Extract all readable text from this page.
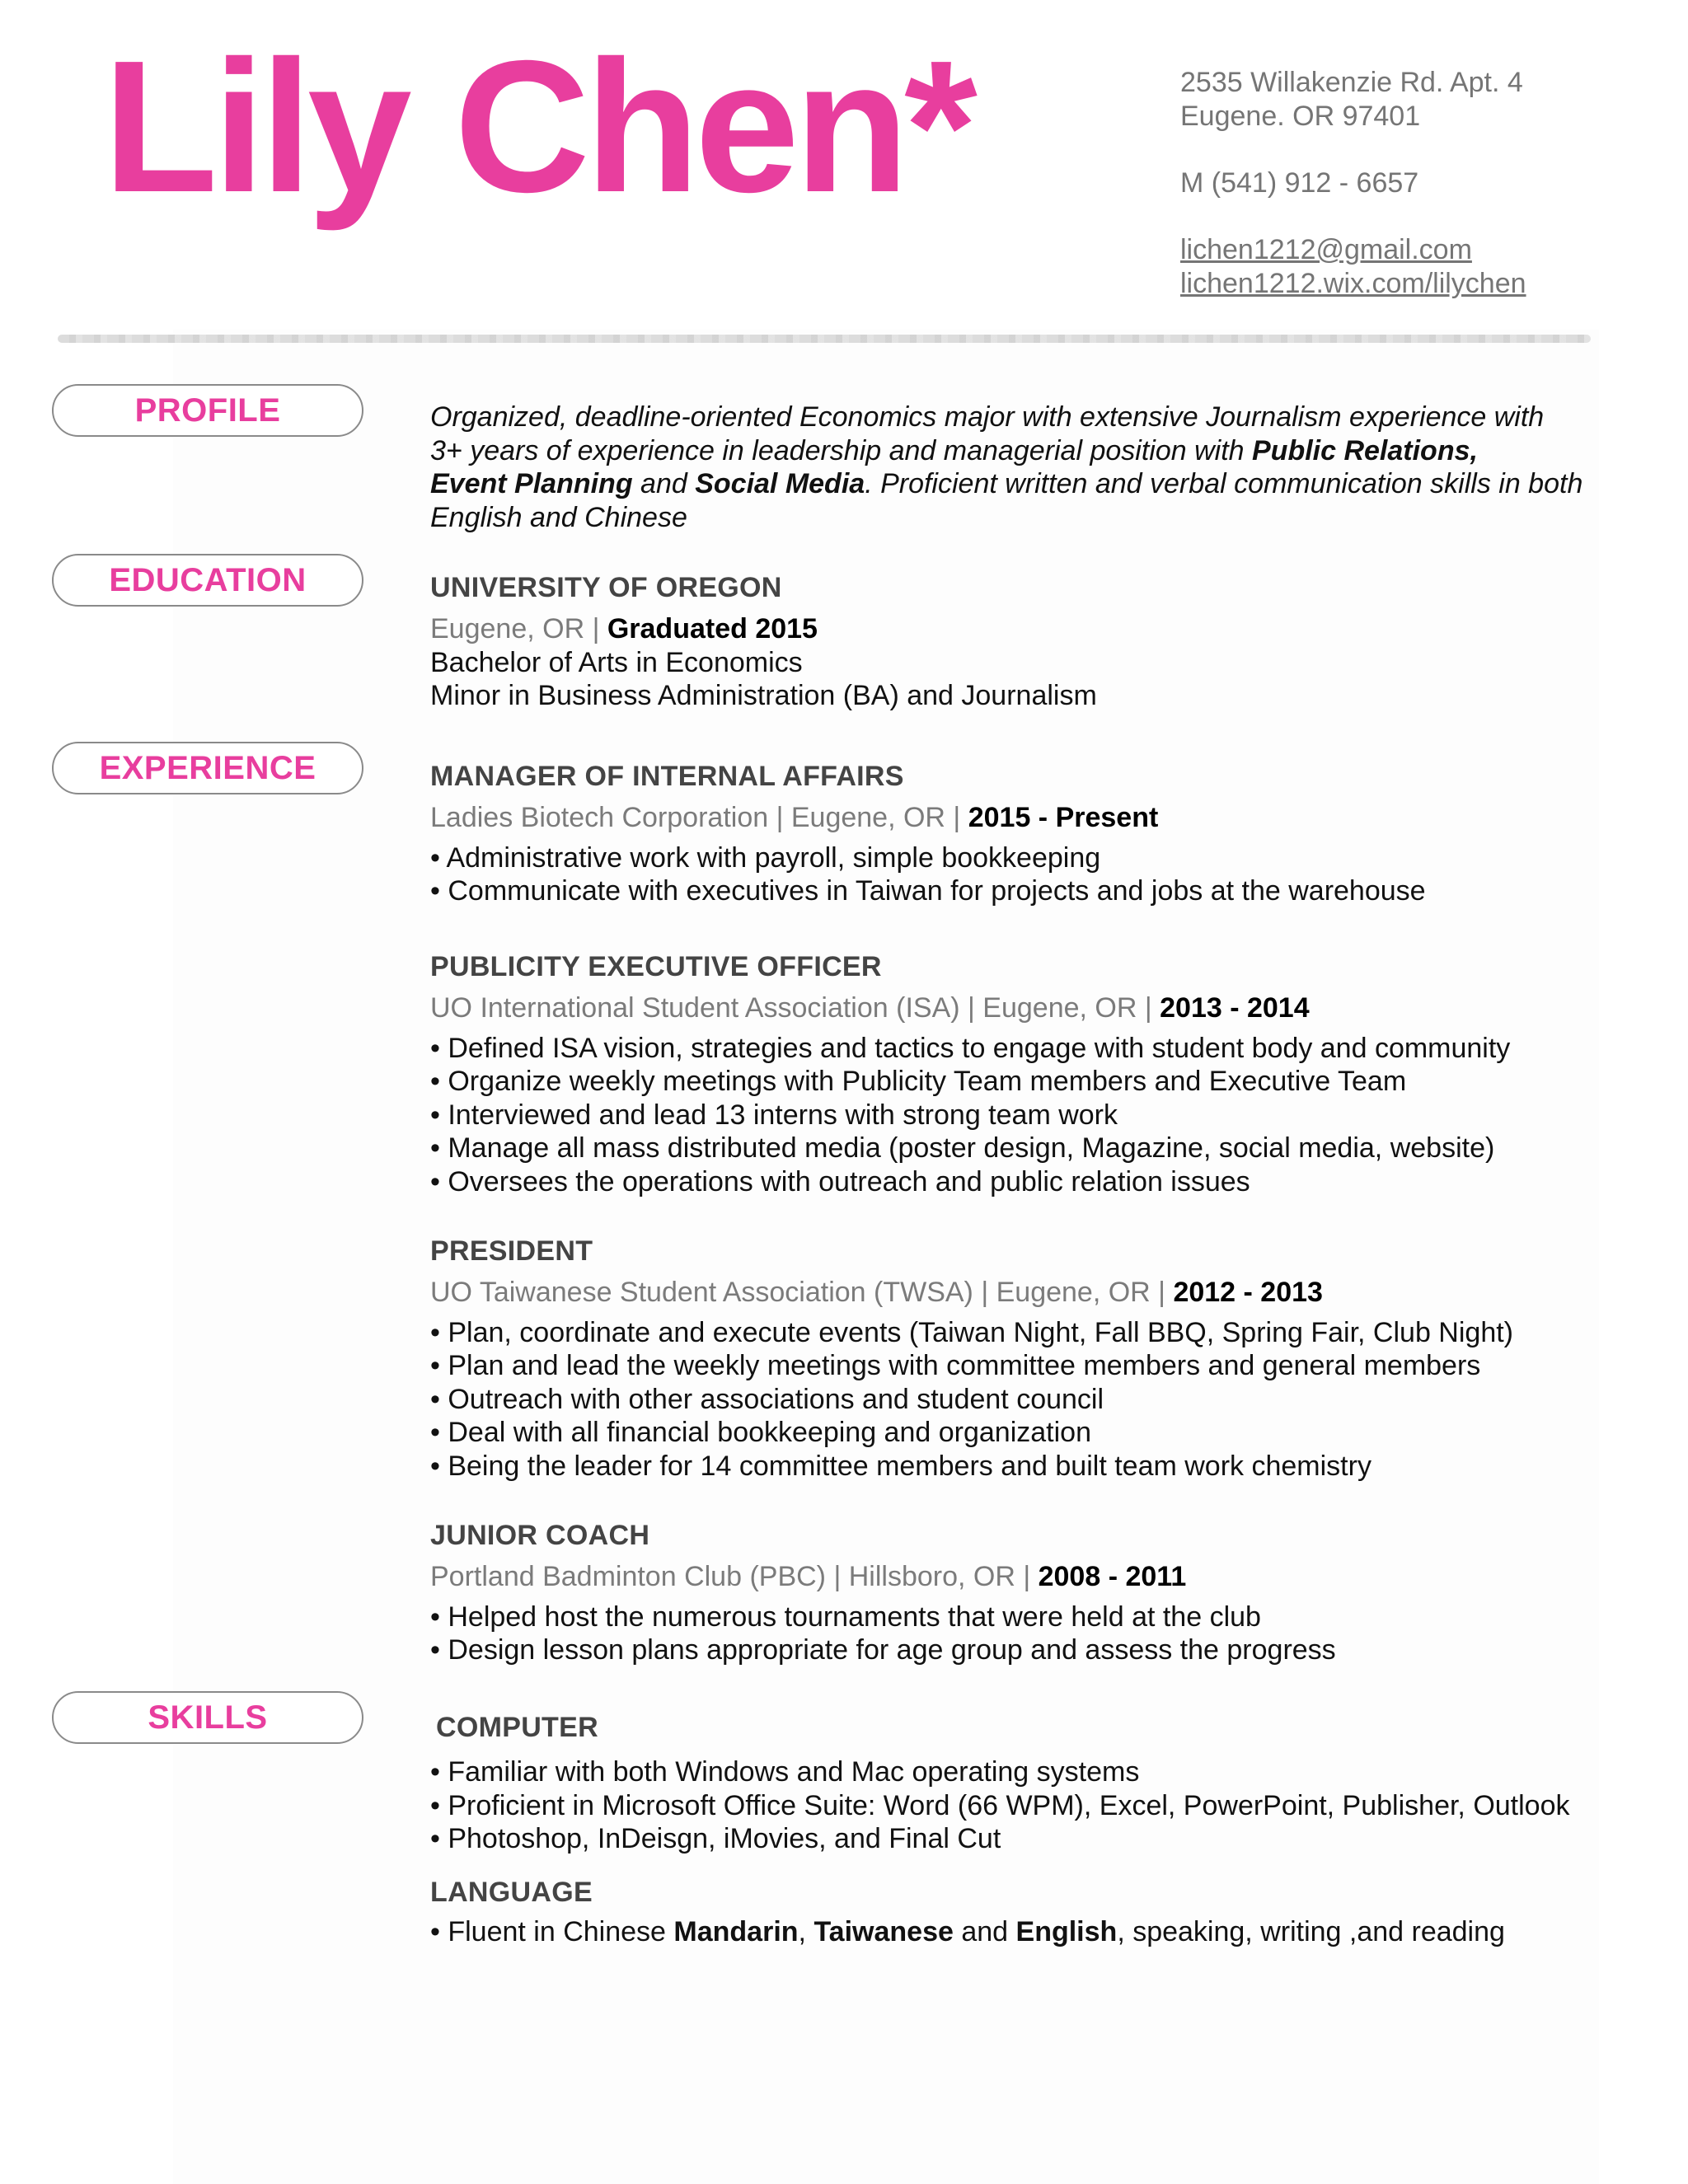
Lily Chen*	2535 Willakenzie Rd. Apt. 4
Eugene. OR 97401
M (541) 912 - 6657
lichen1212@gmail.com
lichen1212.wix.com/lilychen
PROFILE
EDUCATION
EXPERIENCE
SKILLS
Organized, deadline-oriented Economics major with extensive Journalism experience with
3+ years of experience in leadership and managerial position with Public Relations,
Event Planning and Social Media. Proficient written and verbal communication skills in both
English and Chinese
UNIVERSITY OF OREGON
Eugene, OR | Graduated 2015
Bachelor of Arts in Economics
Minor in Business Administration (BA) and Journalism
MANAGER OF INTERNAL AFFAIRS
Ladies Biotech Corporation | Eugene, OR | 2015 - Present
• Administrative work with payroll, simple bookkeeping
• Communicate with executives in Taiwan for projects and jobs at the warehouse
PUBLICITY EXECUTIVE OFFICER
UO International Student Association (ISA) | Eugene, OR | 2013 - 2014
• Defined ISA vision, strategies and tactics to engage with student body and community
• Organize weekly meetings with Publicity Team members and Executive Team
• Interviewed and lead 13 interns with strong team work
• Manage all mass distributed media (poster design, Magazine, social media, website)
• Oversees the operations with outreach and public relation issues
PRESIDENT
UO Taiwanese Student Association (TWSA) | Eugene, OR | 2012 - 2013
• Plan, coordinate and execute events (Taiwan Night, Fall BBQ, Spring Fair, Club Night)
• Plan and lead the weekly meetings with committee members and general members
• Outreach with other associations and student council
• Deal with all financial bookkeeping and organization
• Being the leader for 14 committee members and built team work chemistry
JUNIOR COACH
Portland Badminton Club (PBC) | Hillsboro, OR | 2008 - 2011
• Helped host the numerous tournaments that were held at the club
• Design lesson plans appropriate for age group and assess the progress
COMPUTER
• Familiar with both Windows and Mac operating systems
• Proficient in Microsoft Office Suite: Word (66 WPM), Excel, PowerPoint, Publisher, Outlook
• Photoshop, InDeisgn, iMovies, and Final Cut
LANGUAGE
• Fluent in Chinese Mandarin, Taiwanese and English, speaking, writing ,and reading
